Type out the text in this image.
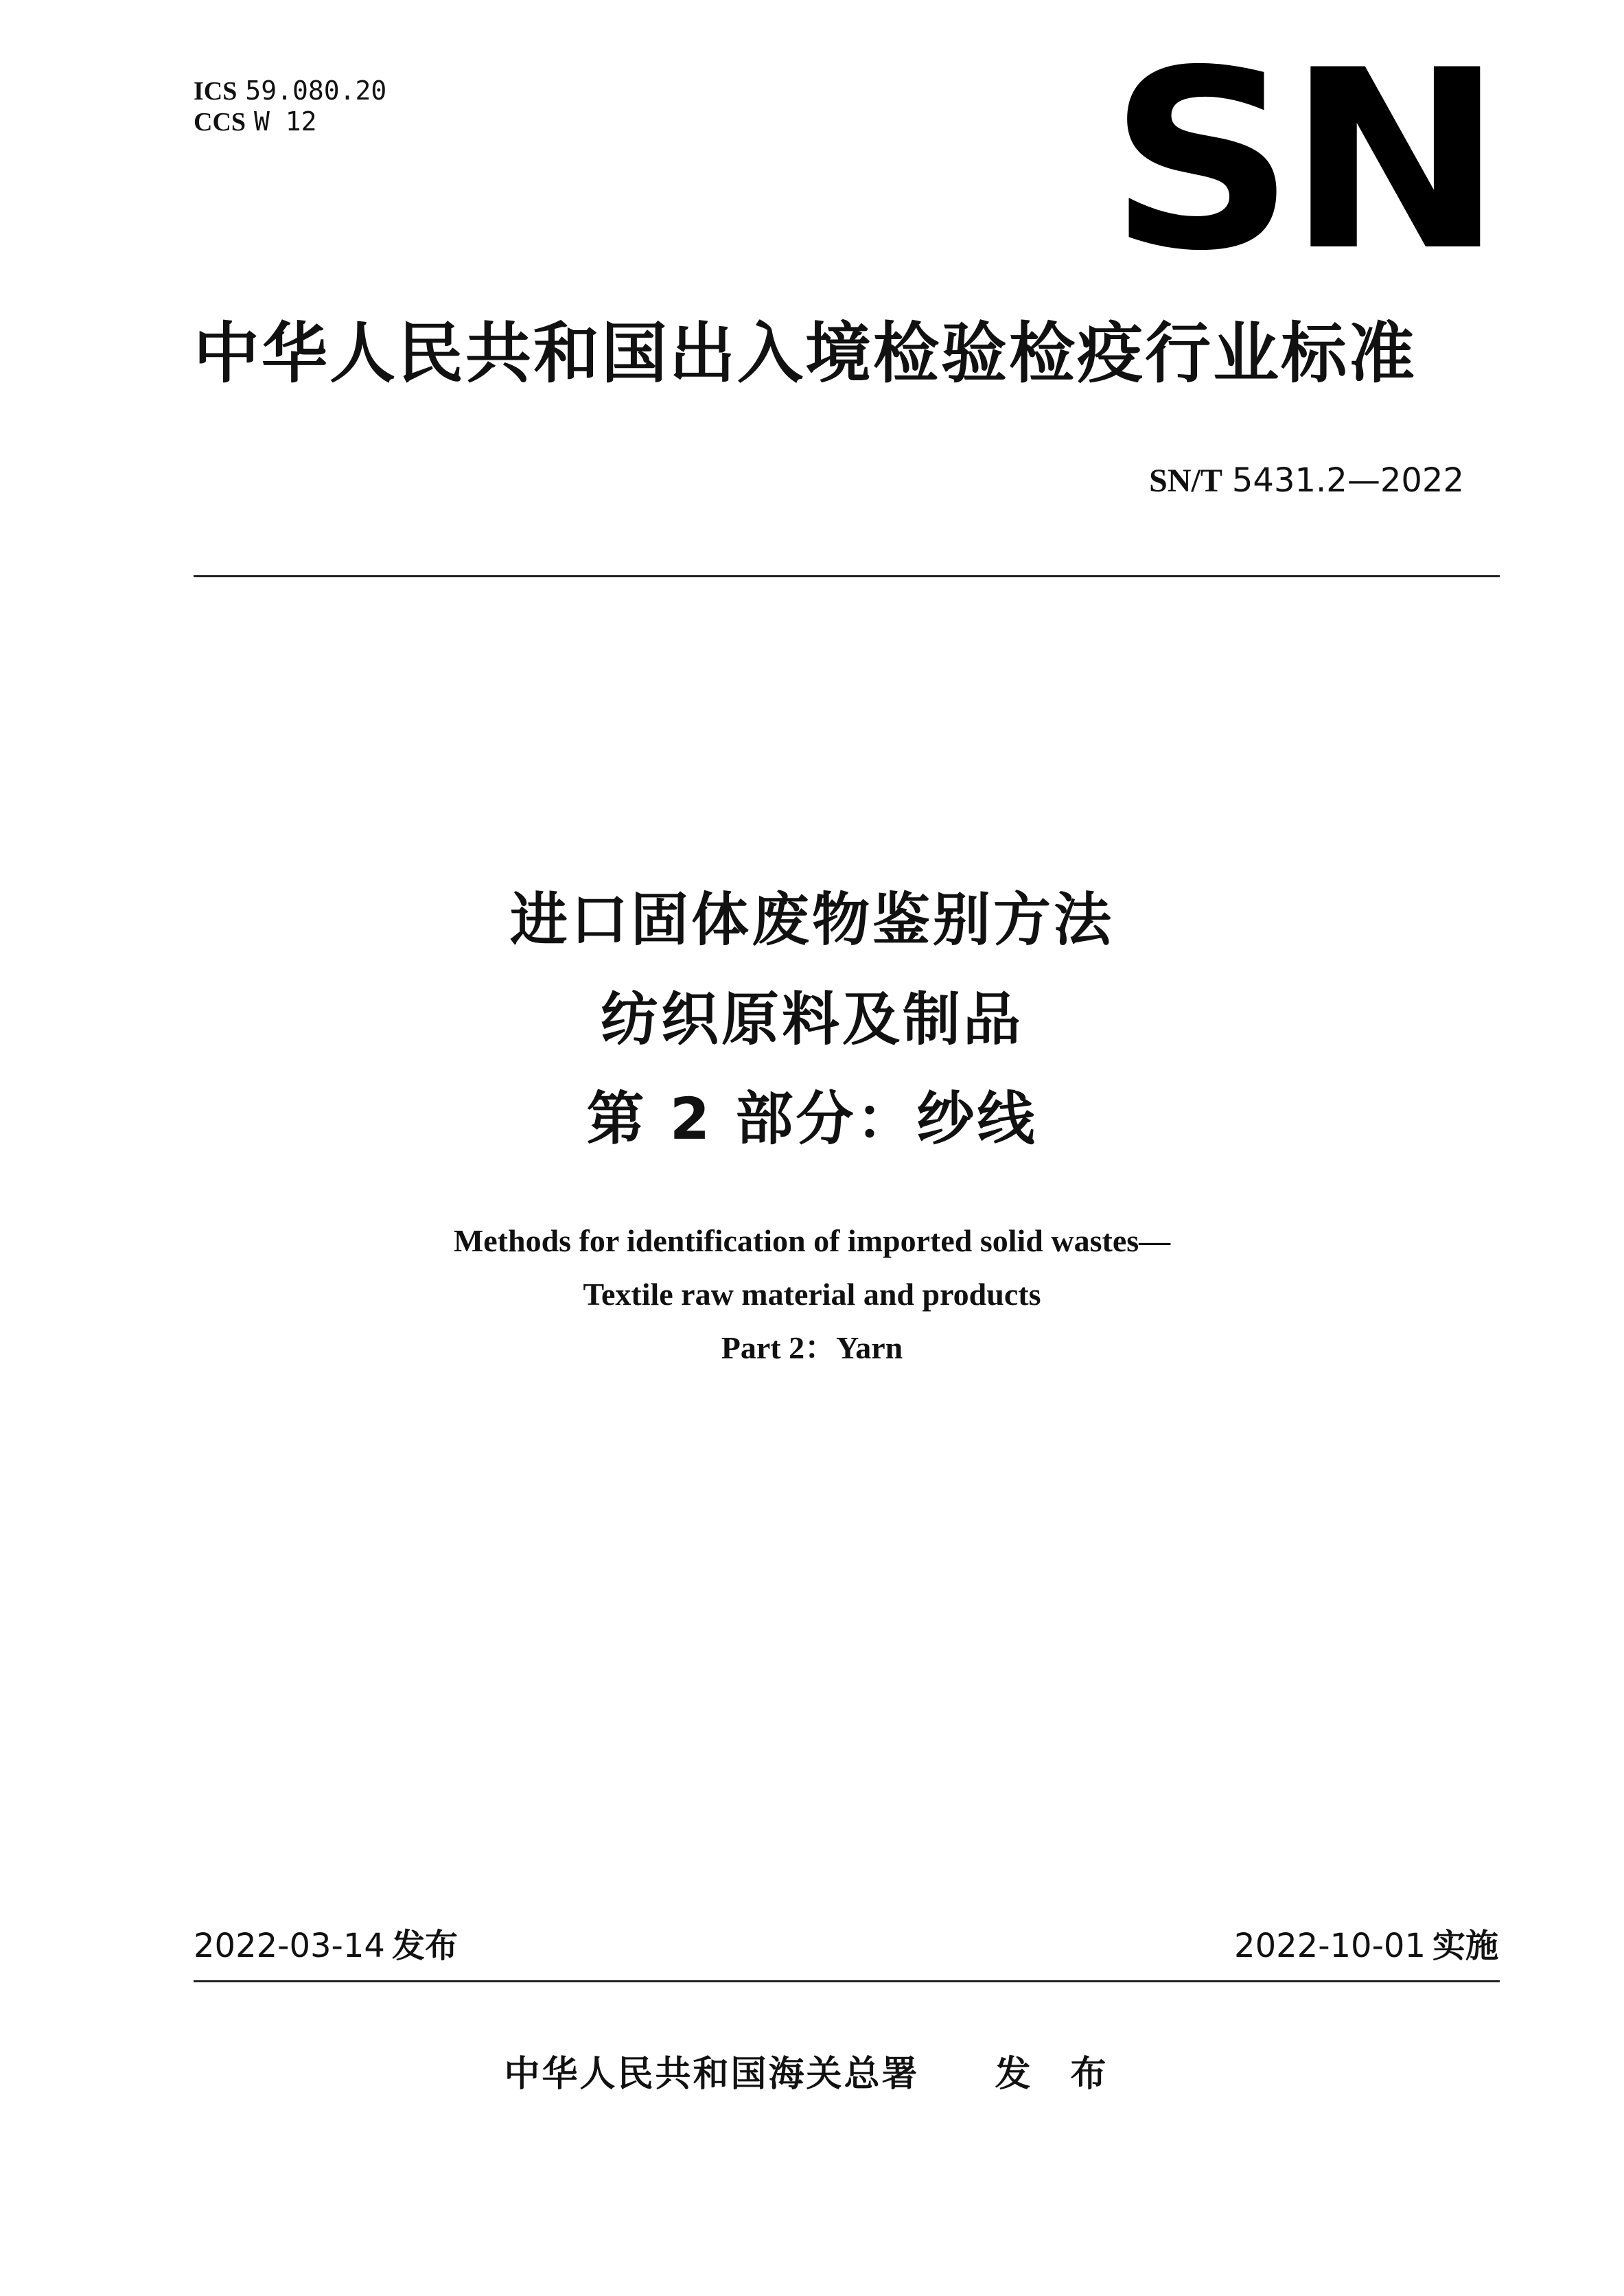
ICS 59.080.20
CCS W 12	SN
中华人民共和国出入境检验检疫行业标准
SN/T 5431.2—2022
进口固体废物鉴别方法
纺织原料及制品
第 2 部分：纱线
Methods for identification of imported solid wastes—
Textile raw material and products
Part 2：Yarn
2022-03-14 发布	2022-10-01 实施
中华人民共和国海关总署 发 布
